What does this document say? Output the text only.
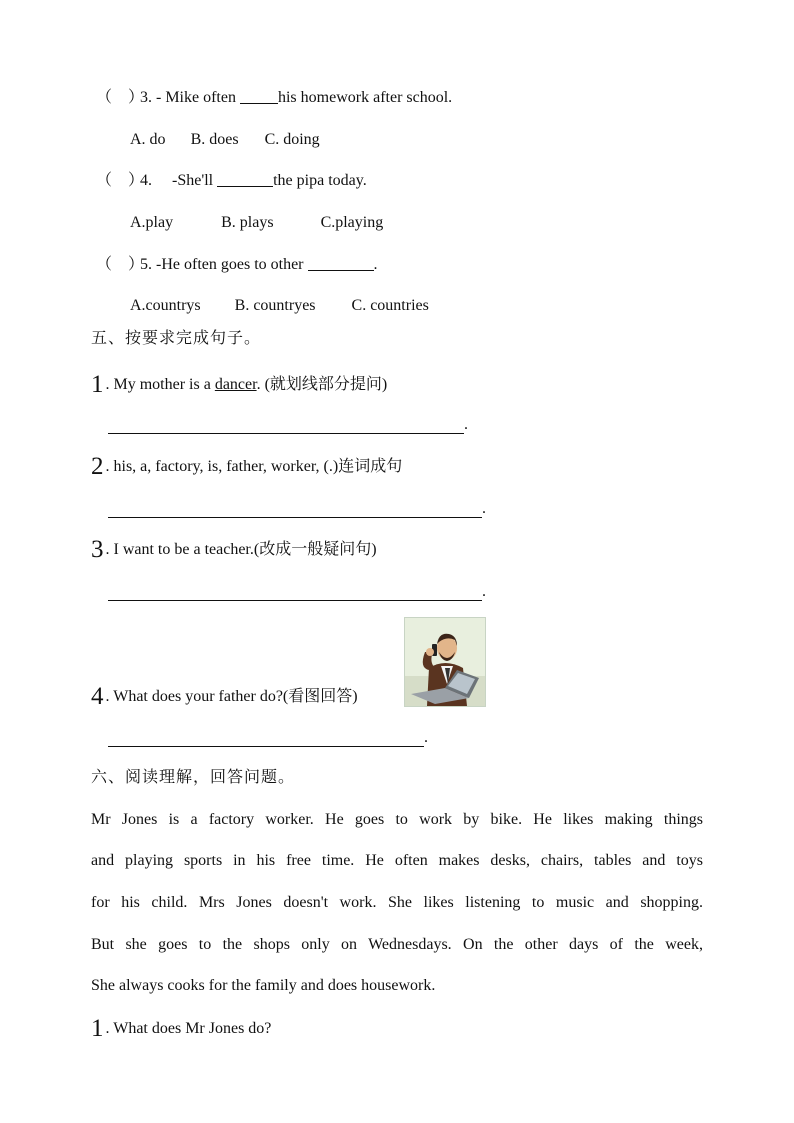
（　）3. - Mike often his homework after school.
A. do B. does C. doing
（　）4.　 -She'll	the pipa today.
A.play	B. plays	C.playing
（　）5. -He often goes to other	.
A.countrys B. countryes C. countries
五、按要求完成句子。
1 . My mother is a dancer. (就划线部分提问)
.
2 . his, a, factory, is, father, worker, (.)连词成句
.
3 . I want to be a teacher.(改成一般疑问句)
.
4 . What does your father do?(看图回答)
.
六、阅读理解，回答问题。
Mr Jones is a factory worker. He goes to work by bike. He likes making things
and playing sports in his free time. He often makes desks, chairs, tables and toys
for his child. Mrs Jones doesn't work. She likes listening to music and shopping.
But she goes to the shops only on Wednesdays. On the other days of the week,
She always cooks for the family and does housework.
1 . What does Mr Jones do?
